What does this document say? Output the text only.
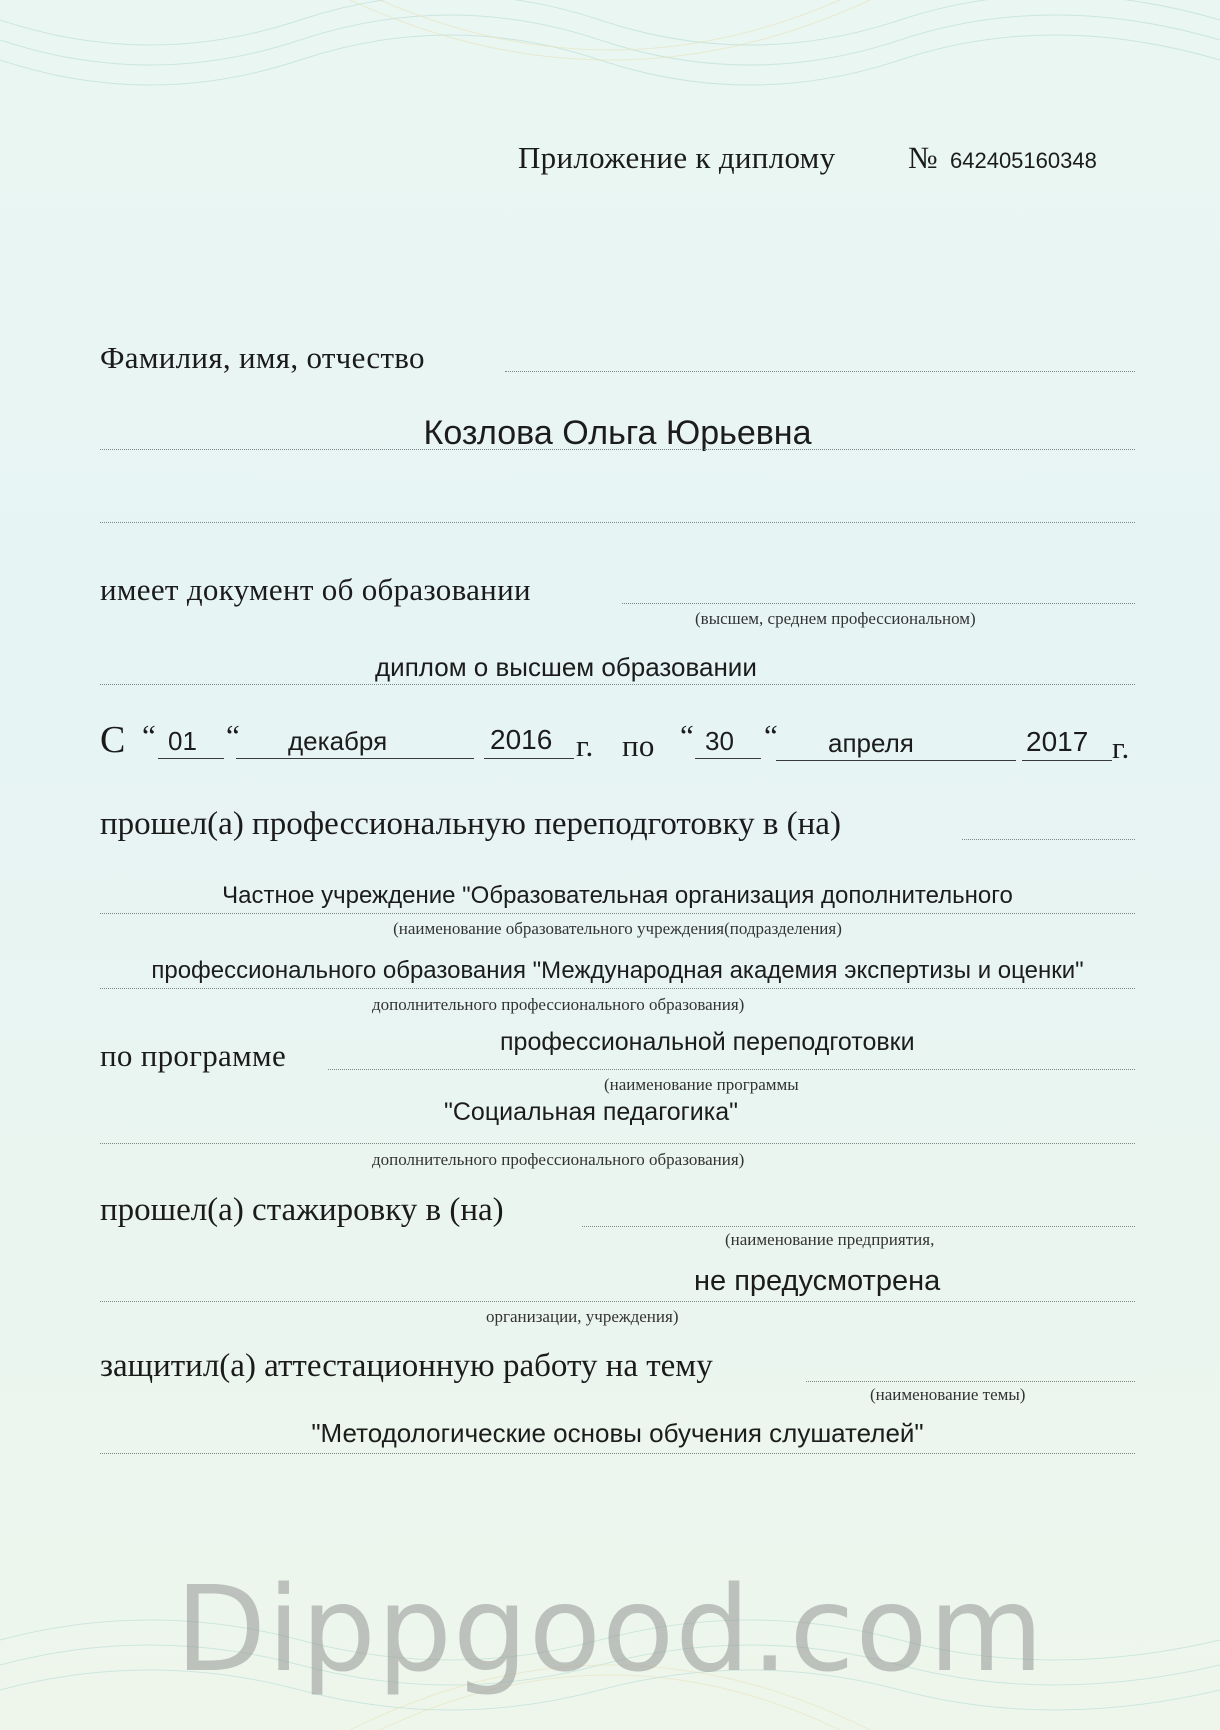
Приложение к диплому № 642405160348
Фамилия, имя, отчество
Козлова Ольга Юрьевна
имеет документ об образовании
(высшем, среднем профессиональном)
диплом о высшем образовании
С “ 01 “ декабря	2016 г. по “ 30 “ апреля	2017 г.
прошел(а) профессиональную переподготовку в (на)
Частное учреждение "Образовательная организация дополнительного
(наименование образовательного учреждения(подразделения)
профессионального образования "Международная академия экспертизы и оценки"
дополнительного профессионального образования)
по программе	профессиональной переподготовки
(наименование программы
"Социальная педагогика"
дополнительного профессионального образования)
прошел(а) стажировку в (на)
(наименование предприятия,
не предусмотрена
организации, учреждения)
защитил(а) аттестационную работу на тему
(наименование темы)
"Методологические основы обучения слушателей"
Dippgood.com
